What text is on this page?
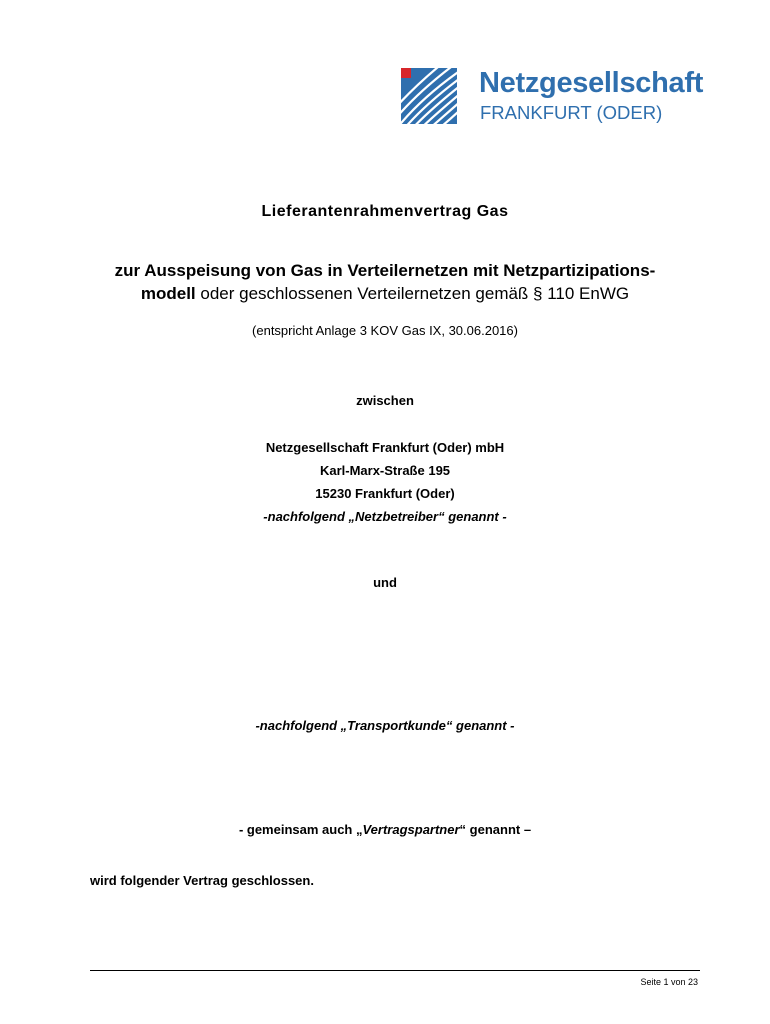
Netzgesellschaft
FRANKFURT (ODER)
Lieferantenrahmenvertrag Gas
zur Ausspeisung von Gas in Verteilernetzen mit Netzpartizipations-
modell oder geschlossenen Verteilernetzen gemäß § 110 EnWG
(entspricht Anlage 3 KOV Gas IX, 30.06.2016)
zwischen
Netzgesellschaft Frankfurt (Oder) mbH
Karl-Marx-Straße 195
15230 Frankfurt (Oder)
-nachfolgend „Netzbetreiber“ genannt -
und
-nachfolgend „Transportkunde“ genannt -
- gemeinsam auch „Vertragspartner“ genannt –
wird folgender Vertrag geschlossen.
Seite 1 von 23
